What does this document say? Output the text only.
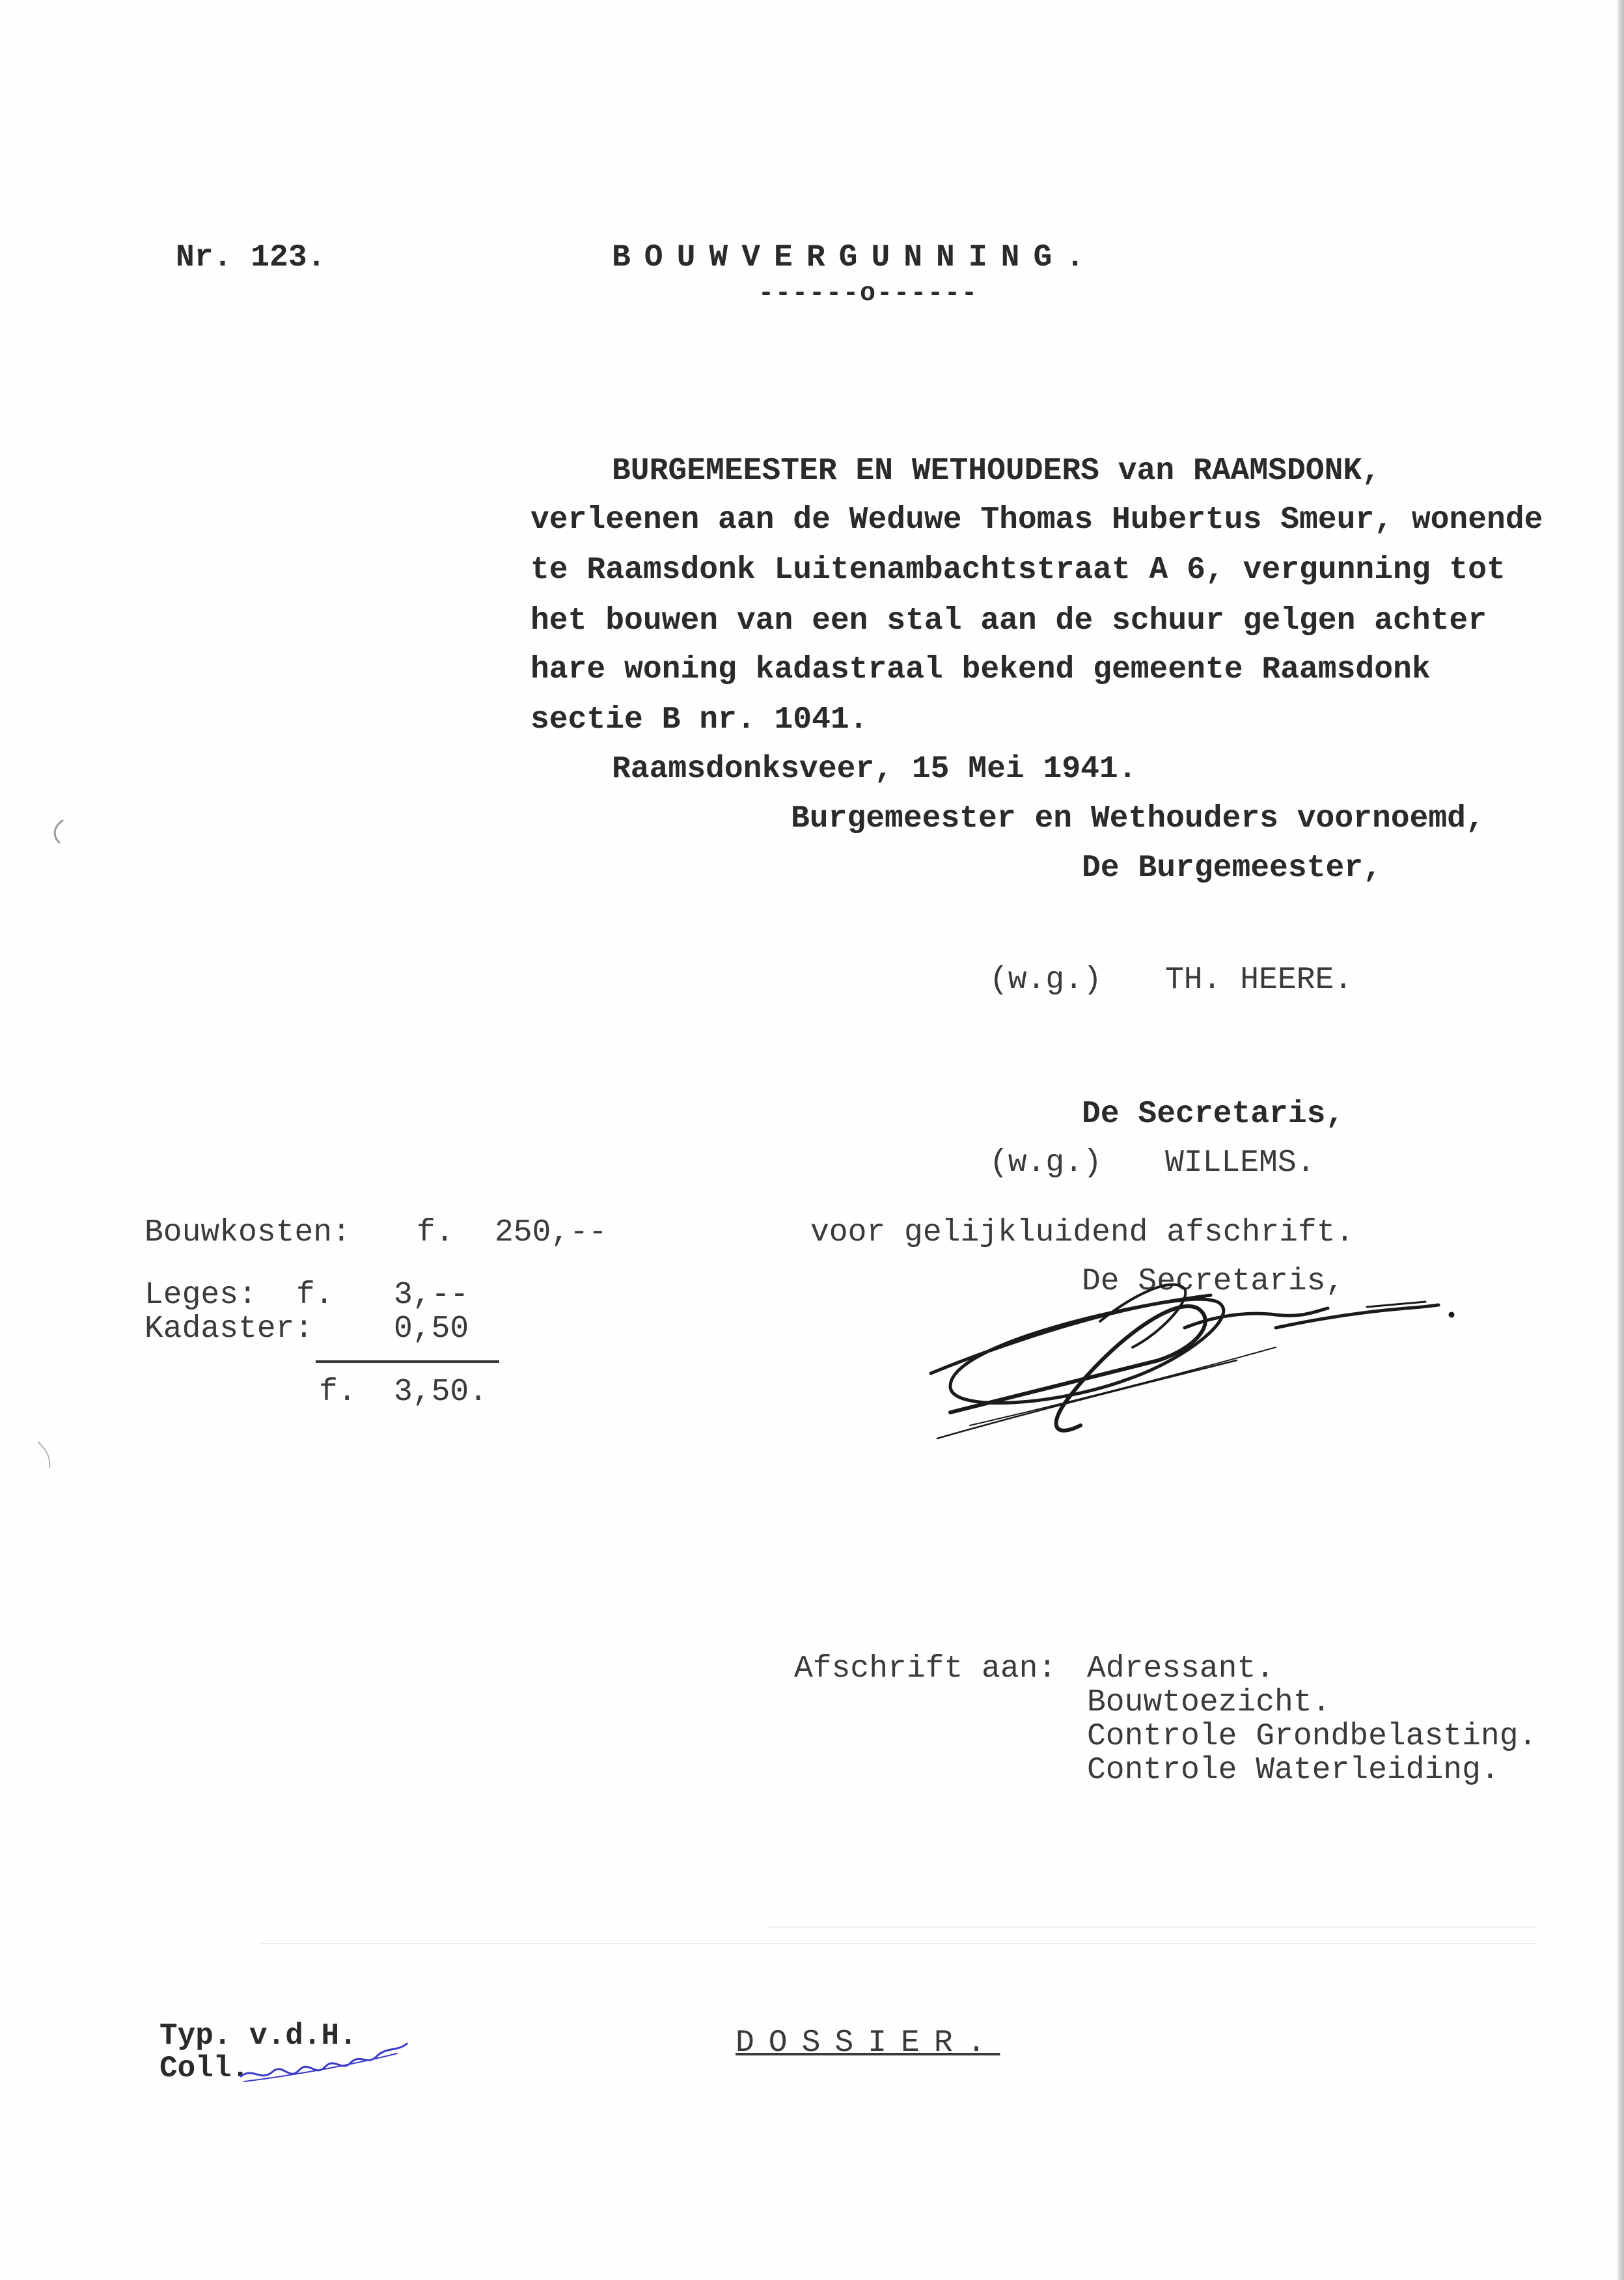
Nr. 123.	BOUWVERGUNNING.
------o------
BURGEMEESTER EN WETHOUDERS van RAAMSDONK,
verleenen aan de Weduwe Thomas Hubertus Smeur, wonende
te Raamsdonk Luitenambachtstraat A 6, vergunning tot
het bouwen van een stal aan de schuur gelgen achter
hare woning kadastraal bekend gemeente Raamsdonk
sectie B nr. 1041.
Raamsdonksveer, 15 Mei 1941.
Burgemeester en Wethouders voornoemd,
De Burgemeester,
(w.g.) TH. HEERE.
De Secretaris,
(w.g.) WILLEMS.
voor gelijkluidend afschrift.
De Secretaris,
Bouwkosten: f. 250,--
Leges: f. 3,--
Kadaster:	0,50
f. 3,50.
Afschrift aan: Adressant.
Bouwtoezicht.
Controle Grondbelasting.
Controle Waterleiding.
Typ. v.d.H.
Coll.
DOSSIER.
